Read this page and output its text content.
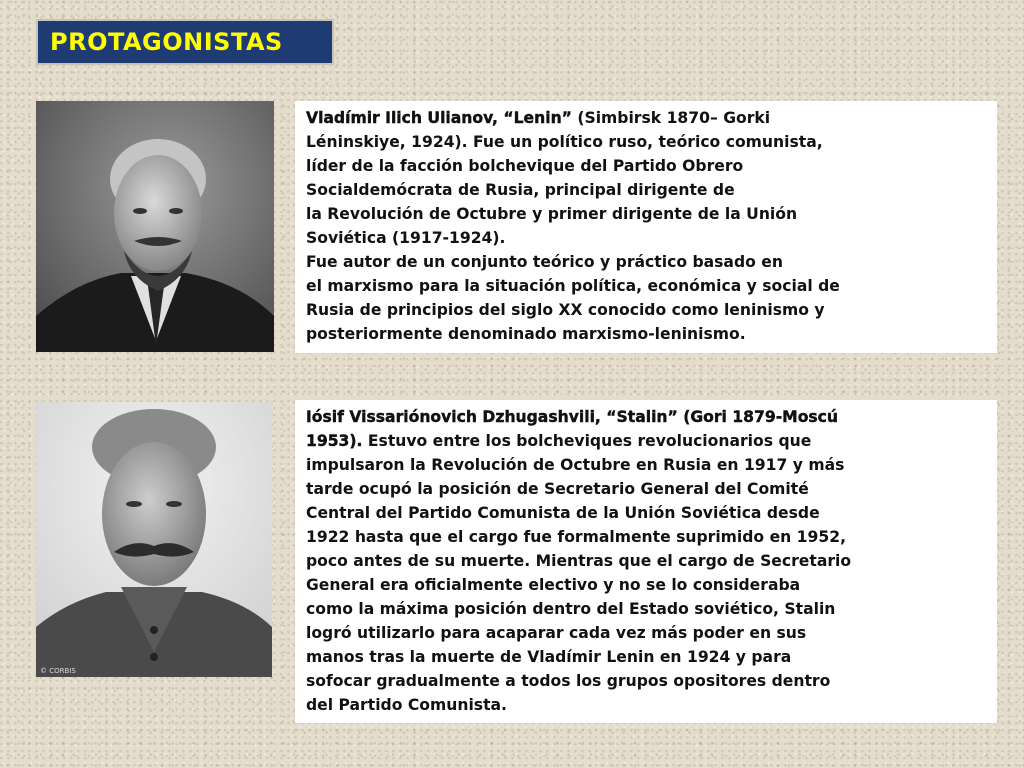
PROTAGONISTAS

Vladímir Ilich Ulianov, “Lenin” (Simbirsk 1870– Gorki

Léninskiye, 1924). Fue un político ruso, teórico comunista,

líder de la facción bolchevique del Partido Obrero

Socialdemócrata de Rusia, principal dirigente de

la Revolución de Octubre y primer dirigente de la Unión

Soviética (1917-1924).

Fue autor de un conjunto teórico y práctico basado en

el marxismo para la situación política, económica y social de

Rusia de principios del siglo XX conocido como leninismo y

posteriormente denominado marxismo-leninismo.

© CORBIS

Iósif Vissariónovich Dzhugashvili, “Stalin” (Gori 1879-Moscú

1953). Estuvo entre los bolcheviques revolucionarios que

impulsaron la Revolución de Octubre en Rusia en 1917 y más

tarde ocupó la posición de Secretario General del Comité

Central del Partido Comunista de la Unión Soviética desde

1922 hasta que el cargo fue formalmente suprimido en 1952,

poco antes de su muerte. Mientras que el cargo de Secretario

General era oficialmente electivo y no se lo consideraba

como la máxima posición dentro del Estado soviético, Stalin

logró utilizarlo para acaparar cada vez más poder en sus

manos tras la muerte de Vladímir Lenin en 1924 y para

sofocar gradualmente a todos los grupos opositores dentro

del Partido Comunista.
